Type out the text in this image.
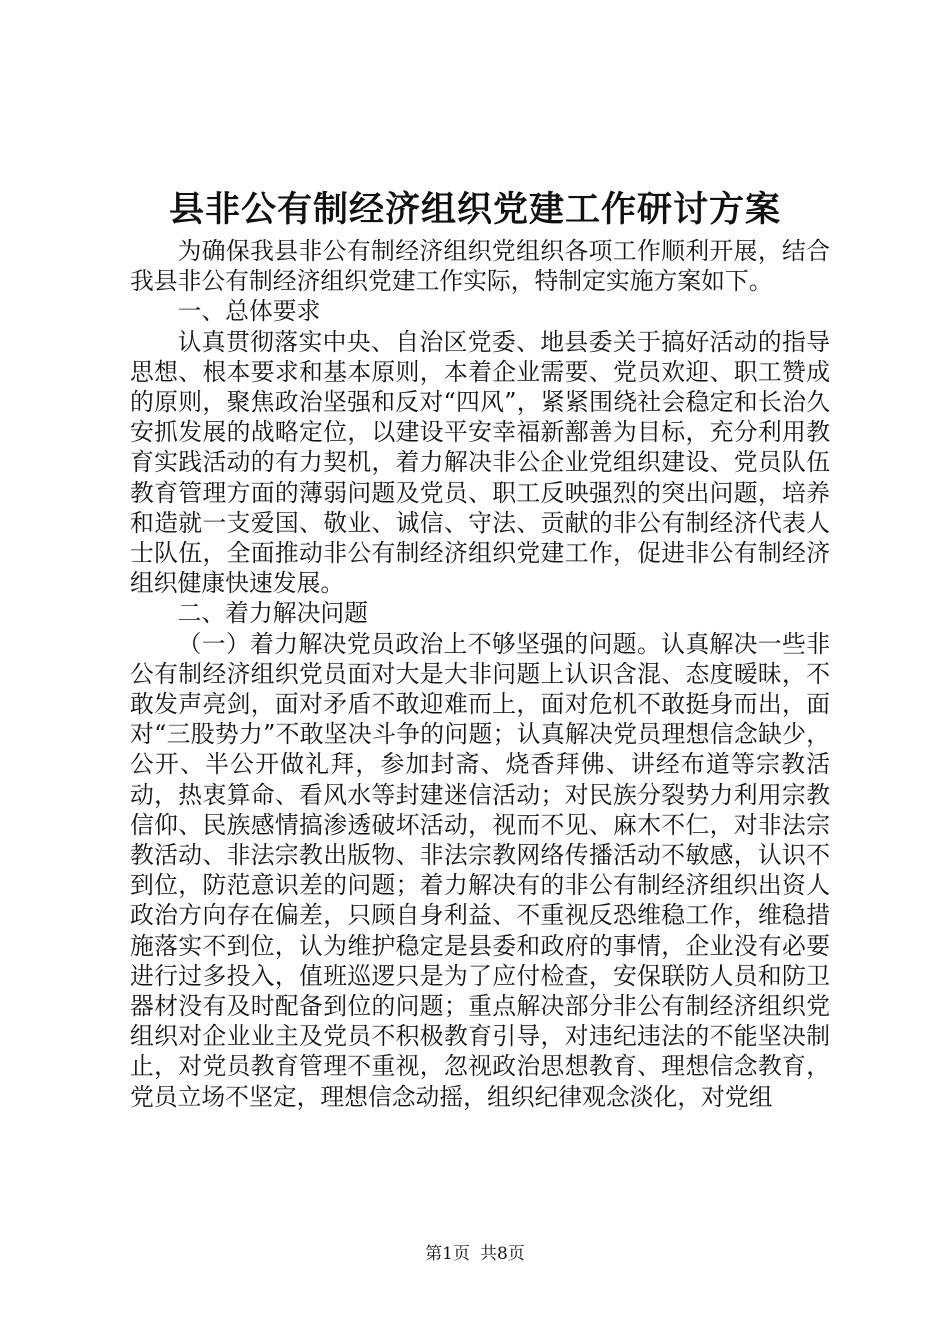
县非公有制经济组织党建工作研讨方案

为确保我县非公有制经济组织党组织各项工作顺利开展，结合我县非公有制经济组织党建工作实际，特制定实施方案如下。

一、总体要求

认真贯彻落实中央、自治区党委、地县委关于搞好活动的指导思想、根本要求和基本原则，本着企业需要、党员欢迎、职工赞成的原则，聚焦政治坚强和反对“四风”，紧紧围绕社会稳定和长治久安抓发展的战略定位，以建设平安幸福新鄯善为目标，充分利用教育实践活动的有力契机，着力解决非公企业党组织建设、党员队伍教育管理方面的薄弱问题及党员、职工反映强烈的突出问题，培养和造就一支爱国、敬业、诚信、守法、贡献的非公有制经济代表人士队伍，全面推动非公有制经济组织党建工作，促进非公有制经济组织健康快速发展。

二、着力解决问题

（一）着力解决党员政治上不够坚强的问题。认真解决一些非公有制经济组织党员面对大是大非问题上认识含混、态度暧昧，不敢发声亮剑，面对矛盾不敢迎难而上，面对危机不敢挺身而出，面对“三股势力”不敢坚决斗争的问题；认真解决党员理想信念缺少，公开、半公开做礼拜，参加封斋、烧香拜佛、讲经布道等宗教活动，热衷算命、看风水等封建迷信活动；对民族分裂势力利用宗教信仰、民族感情搞渗透破坏活动，视而不见、麻木不仁，对非法宗教活动、非法宗教出版物、非法宗教网络传播活动不敏感，认识不到位，防范意识差的问题；着力解决有的非公有制经济组织出资人政治方向存在偏差，只顾自身利益、不重视反恐维稳工作，维稳措施落实不到位，认为维护稳定是县委和政府的事情，企业没有必要进行过多投入，值班巡逻只是为了应付检查，安保联防人员和防卫器材没有及时配备到位的问题；重点解决部分非公有制经济组织党组织对企业业主及党员不积极教育引导，对违纪违法的不能坚决制止，对党员教育管理不重视，忽视政治思想教育、理想信念教育，党员立场不坚定，理想信念动摇，组织纪律观念淡化，对党组

第1页 共8页
